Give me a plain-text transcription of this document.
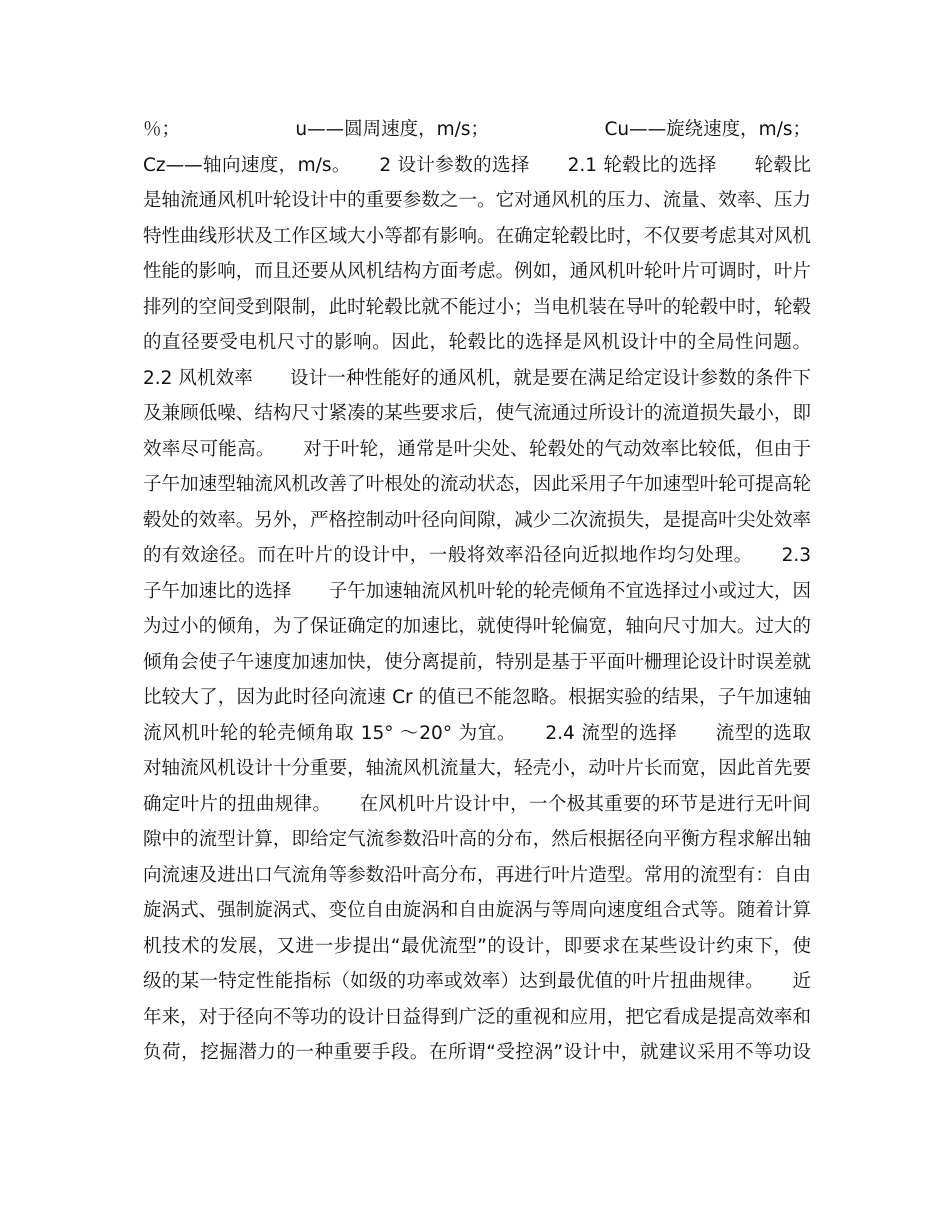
％；	u——圆周速度，m/s；	Cu——旋绕速度，m/s；
Cz——轴向速度，m/s。　　2 设计参数的选择　　2.1 轮毂比的选择　　轮毂比
是轴流通风机叶轮设计中的重要参数之一。它对通风机的压力、流量、效率、压力
特性曲线形状及工作区域大小等都有影响。在确定轮毂比时，不仅要考虑其对风机
性能的影响，而且还要从风机结构方面考虑。例如，通风机叶轮叶片可调时，叶片
排列的空间受到限制，此时轮毂比就不能过小；当电机装在导叶的轮毂中时，轮毂
的直径要受电机尺寸的影响。因此，轮毂比的选择是风机设计中的全局性问题。
2.2 风机效率　　设计一种性能好的通风机，就是要在满足给定设计参数的条件下
及兼顾低噪、结构尺寸紧凑的某些要求后，使气流通过所设计的流道损失最小，即
效率尽可能高。　　对于叶轮，通常是叶尖处、轮毂处的气动效率比较低，但由于
子午加速型轴流风机改善了叶根处的流动状态，因此采用子午加速型叶轮可提高轮
毂处的效率。另外，严格控制动叶径向间隙，减少二次流损失，是提高叶尖处效率
的有效途径。而在叶片的设计中，一般将效率沿径向近拟地作均匀处理。　　2.3
子午加速比的选择　　子午加速轴流风机叶轮的轮壳倾角不宜选择过小或过大，因
为过小的倾角，为了保证确定的加速比，就使得叶轮偏宽，轴向尺寸加大。过大的
倾角会使子午速度加速加快，使分离提前，特别是基于平面叶栅理论设计时误差就
比较大了，因为此时径向流速 Cr 的值已不能忽略。根据实验的结果，子午加速轴
流风机叶轮的轮壳倾角取 15° ～20° 为宜。　　2.4 流型的选择　　流型的选取
对轴流风机设计十分重要，轴流风机流量大，轻壳小，动叶片长而宽，因此首先要
确定叶片的扭曲规律。　　在风机叶片设计中，一个极其重要的环节是进行无叶间
隙中的流型计算，即给定气流参数沿叶高的分布，然后根据径向平衡方程求解出轴
向流速及进出口气流角等参数沿叶高分布，再进行叶片造型。常用的流型有：自由
旋涡式、强制旋涡式、变位自由旋涡和自由旋涡与等周向速度组合式等。随着计算
机技术的发展，又进一步提出“最优流型”的设计，即要求在某些设计约束下，使
级的某一特定性能指标（如级的功率或效率）达到最优值的叶片扭曲规律。　　近
年来，对于径向不等功的设计日益得到广泛的重视和应用，把它看成是提高效率和
负荷，挖掘潜力的一种重要手段。在所谓“受控涡”设计中，就建议采用不等功设
